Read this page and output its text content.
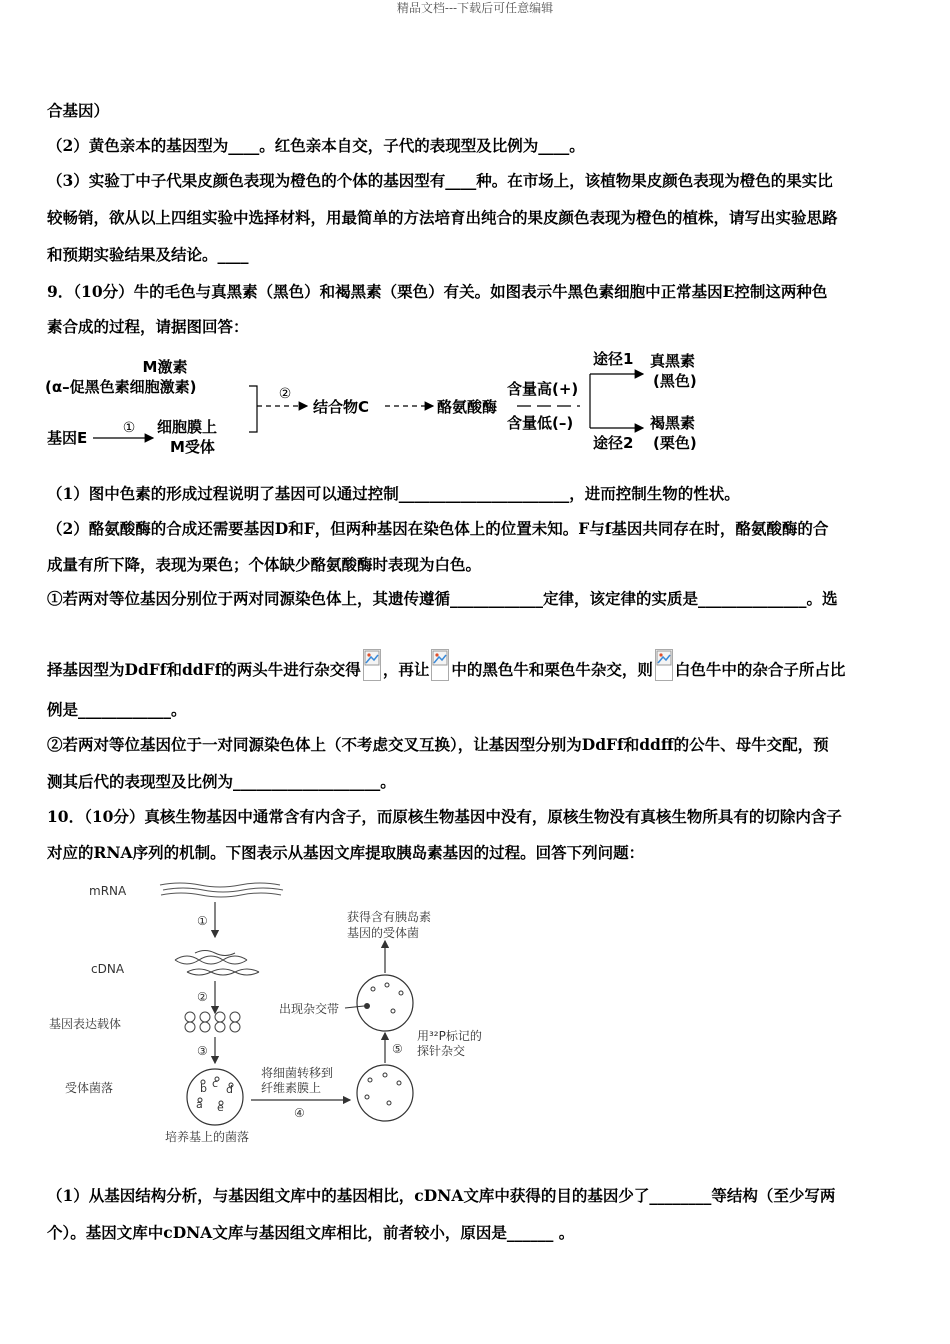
精品文档---下载后可任意编辑
合基因）
（2）黄色亲本的基因型为____。红色亲本自交，子代的表现型及比例为____。
（3）实验丁中子代果皮颜色表现为橙色的个体的基因型有____种。在市场上，该植物果皮颜色表现为橙色的果实比
较畅销，欲从以上四组实验中选择材料，用最简单的方法培育出纯合的果皮颜色表现为橙色的植株，请写出实验思路
和预期实验结果及结论。____
9．（10分）牛的毛色与真黑素（黑色）和褐黑素（栗色）有关。如图表示牛黑色素细胞中正常基因E控制这两种色
素合成的过程，请据图回答：
M激素
(α–促黑色素细胞激素)
基因E
① 细胞膜上
M受体
②
结合物C	酪氨酸酶
含量高(+)
含量低(–)
途径1
途径2
真黑素
(黑色)
褐黑素
(栗色)
（1）图中色素的形成过程说明了基因可以通过控制______________________，进而控制生物的性状。
（2）酪氨酸酶的合成还需要基因D和F，但两种基因在染色体上的位置未知。F与f基因共同存在时，酪氨酸酶的合
成量有所下降，表现为栗色；个体缺少酪氨酸酶时表现为白色。
①若两对等位基因分别位于两对同源染色体上，其遗传遵循____________定律，该定律的实质是______________。选
择基因型为DdFf和ddFf的两头牛进行杂交得 ，再让 中的黑色牛和栗色牛杂交，则 白色牛中的杂合子所占比
例是____________。
②若两对等位基因位于一对同源染色体上（不考虑交叉互换），让基因型分别为DdFf和ddff的公牛、母牛交配，预
测其后代的表现型及比例为___________________。
10．（10分）真核生物基因中通常含有内含子，而原核生物基因中没有，原核生物没有真核生物所具有的切除内含子
对应的RNA序列的机制。下图表示从基因文库提取胰岛素基因的过程。回答下列问题：
mRNA
cDNA
基因表达载体
受体菌落
①
②
③
b c d
a e
培养基上的菌落
将细菌转移到
纤维素膜上
④
⑤
用³²P标记的
探针杂交
出现杂交带
获得含有胰岛素
基因的受体菌
（1）从基因结构分析，与基因组文库中的基因相比，cDNA文库中获得的目的基因少了________等结构（至少写两
个）。基因文库中cDNA文库与基因组文库相比，前者较小，原因是______ 。
